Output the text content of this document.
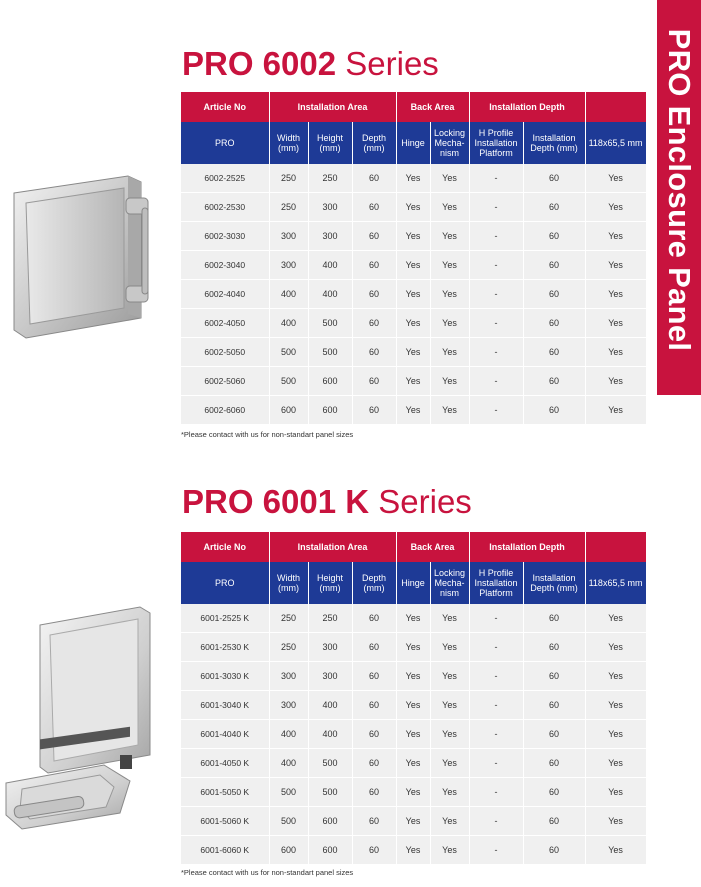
PRO Enclosure Panel
PRO 6002 Series
Article No	Installation Area			Back Area		Installation Depth		
PRO	Width (mm)	Height (mm)	Depth (mm)	Hinge	Locking Mecha-nism	H Profile Installation Platform	Installation Depth (mm)	118x65,5 mm
6002-2525	250	250	60	Yes	Yes	-	60	Yes
6002-2530	250	300	60	Yes	Yes	-	60	Yes
6002-3030	300	300	60	Yes	Yes	-	60	Yes
6002-3040	300	400	60	Yes	Yes	-	60	Yes
6002-4040	400	400	60	Yes	Yes	-	60	Yes
6002-4050	400	500	60	Yes	Yes	-	60	Yes
6002-5050	500	500	60	Yes	Yes	-	60	Yes
6002-5060	500	600	60	Yes	Yes	-	60	Yes
6002-6060	600	600	60	Yes	Yes	-	60	Yes
*Please contact with us for non-standart panel sizes
PRO 6001 K Series
Article No	Installation Area			Back Area		Installation Depth		
PRO	Width (mm)	Height (mm)	Depth (mm)	Hinge	Locking Mecha-nism	H Profile Installation Platform	Installation Depth (mm)	118x65,5 mm
6001-2525 K	250	250	60	Yes	Yes	-	60	Yes
6001-2530 K	250	300	60	Yes	Yes	-	60	Yes
6001-3030 K	300	300	60	Yes	Yes	-	60	Yes
6001-3040 K	300	400	60	Yes	Yes	-	60	Yes
6001-4040 K	400	400	60	Yes	Yes	-	60	Yes
6001-4050 K	400	500	60	Yes	Yes	-	60	Yes
6001-5050 K	500	500	60	Yes	Yes	-	60	Yes
6001-5060 K	500	600	60	Yes	Yes	-	60	Yes
6001-6060 K	600	600	60	Yes	Yes	-	60	Yes
*Please contact with us for non-standart panel sizes
